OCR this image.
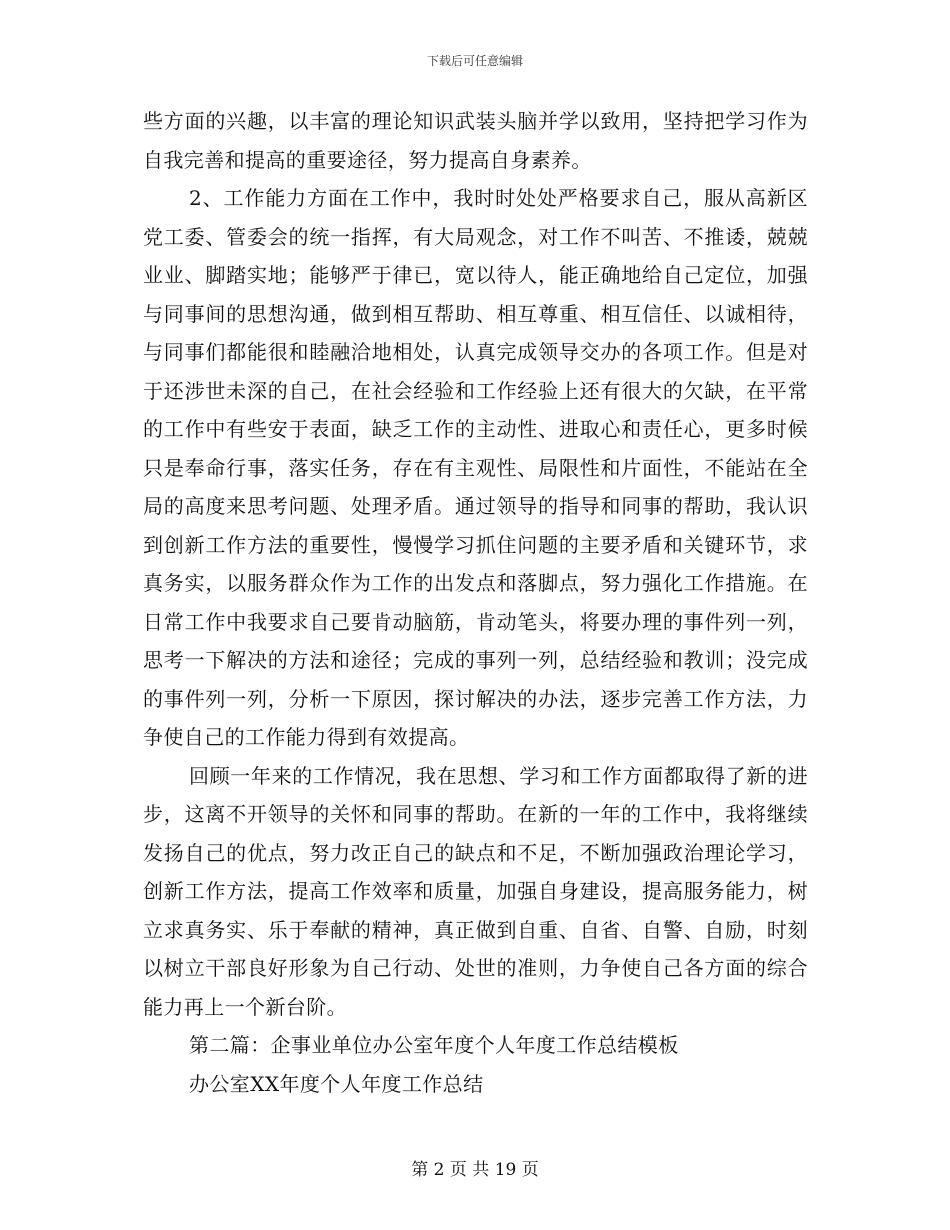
下载后可任意编辑

些方面的兴趣，以丰富的理论知识武装头脑并学以致用，坚持把学习作为自我完善和提高的重要途径，努力提高自身素养。

2、工作能力方面在工作中，我时时处处严格要求自己，服从高新区党工委、管委会的统一指挥，有大局观念，对工作不叫苦、不推诿，兢兢业业、脚踏实地；能够严于律已，宽以待人，能正确地给自己定位，加强与同事间的思想沟通，做到相互帮助、相互尊重、相互信任、以诚相待，与同事们都能很和睦融洽地相处，认真完成领导交办的各项工作。但是对于还涉世未深的自己，在社会经验和工作经验上还有很大的欠缺，在平常的工作中有些安于表面，缺乏工作的主动性、进取心和责任心，更多时候只是奉命行事，落实任务，存在有主观性、局限性和片面性，不能站在全局的高度来思考问题、处理矛盾。通过领导的指导和同事的帮助，我认识到创新工作方法的重要性，慢慢学习抓住问题的主要矛盾和关键环节，求真务实，以服务群众作为工作的出发点和落脚点，努力强化工作措施。在日常工作中我要求自己要肯动脑筋，肯动笔头，将要办理的事件列一列，思考一下解决的方法和途径；完成的事列一列，总结经验和教训；没完成的事件列一列，分析一下原因，探讨解决的办法，逐步完善工作方法，力争使自己的工作能力得到有效提高。

回顾一年来的工作情况，我在思想、学习和工作方面都取得了新的进步，这离不开领导的关怀和同事的帮助。在新的一年的工作中，我将继续发扬自己的优点，努力改正自己的缺点和不足，不断加强政治理论学习，创新工作方法，提高工作效率和质量，加强自身建设，提高服务能力，树立求真务实、乐于奉献的精神，真正做到自重、自省、自警、自励，时刻以树立干部良好形象为自己行动、处世的准则，力争使自己各方面的综合能力再上一个新台阶。

第二篇：企事业单位办公室年度个人年度工作总结模板

办公室XX年度个人年度工作总结

第 2 页 共 19 页
